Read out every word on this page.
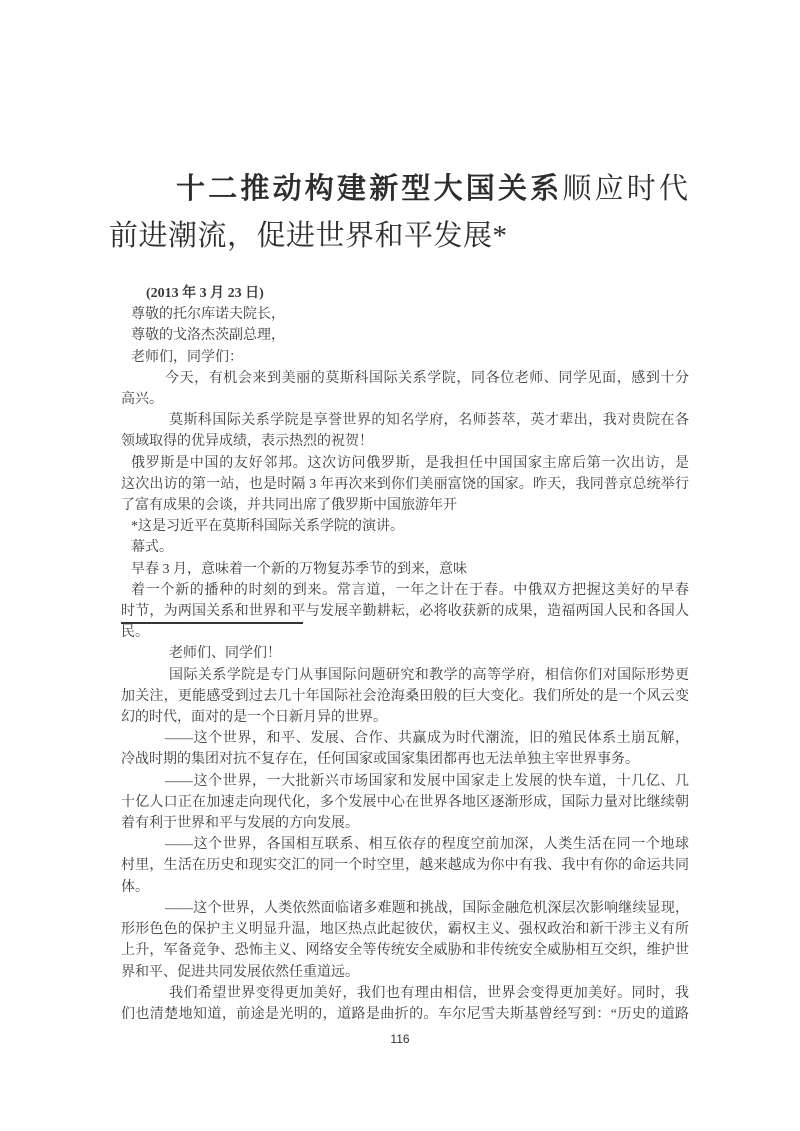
十二推动构建新型大国关系顺应时代
前进潮流，促进世界和平发展*
(2013 年 3 月 23 日)
尊敬的托尔库诺夫院长，
尊敬的戈洛杰茨副总理，
老师们，同学们：
今天，有机会来到美丽的莫斯科国际关系学院，同各位老师、同学见面，感到十分
高兴。
莫斯科国际关系学院是享誉世界的知名学府，名师荟萃，英才辈出，我对贵院在各
领域取得的优异成绩，表示热烈的祝贺！
俄罗斯是中国的友好邻邦。这次访问俄罗斯，是我担任中国国家主席后第一次出访，是
这次出访的第一站，也是时隔 3 年再次来到你们美丽富饶的国家。昨天，我同普京总统举行
了富有成果的会谈，并共同出席了俄罗斯中国旅游年开
*这是习近平在莫斯科国际关系学院的演讲。
幕式。
早春 3 月，意味着一个新的万物复苏季节的到来，意味
着一个新的播种的时刻的到来。常言道，一年之计在于春。中俄双方把握这美好的早春
时节，为两国关系和世界和平与发展辛勤耕耘，必将收获新的成果，造福两国人民和各国人
民。
老师们、同学们！
国际关系学院是专门从事国际问题研究和教学的高等学府，相信你们对国际形势更
加关注，更能感受到过去几十年国际社会沧海桑田般的巨大变化。我们所处的是一个风云变
幻的时代，面对的是一个日新月异的世界。
——这个世界，和平、发展、合作、共赢成为时代潮流，旧的殖民体系土崩瓦解，
冷战时期的集团对抗不复存在，任何国家或国家集团都再也无法单独主宰世界事务。
——这个世界，一大批新兴市场国家和发展中国家走上发展的快车道，十几亿、几
十亿人口正在加速走向现代化，多个发展中心在世界各地区逐渐形成，国际力量对比继续朝
着有利于世界和平与发展的方向发展。
——这个世界，各国相互联系、相互依存的程度空前加深，人类生活在同一个地球
村里，生活在历史和现实交汇的同一个时空里，越来越成为你中有我、我中有你的命运共同
体。
——这个世界，人类依然面临诸多难题和挑战，国际金融危机深层次影响继续显现，
形形色色的保护主义明显升温，地区热点此起彼伏，霸权主义、强权政治和新干涉主义有所
上升，军备竞争、恐怖主义、网络安全等传统安全威胁和非传统安全威胁相互交织，维护世
界和平、促进共同发展依然任重道远。
我们希望世界变得更加美好，我们也有理由相信，世界会变得更加美好。同时，我
们也清楚地知道，前途是光明的，道路是曲折的。车尔尼雪夫斯基曾经写到：“历史的道路
116
